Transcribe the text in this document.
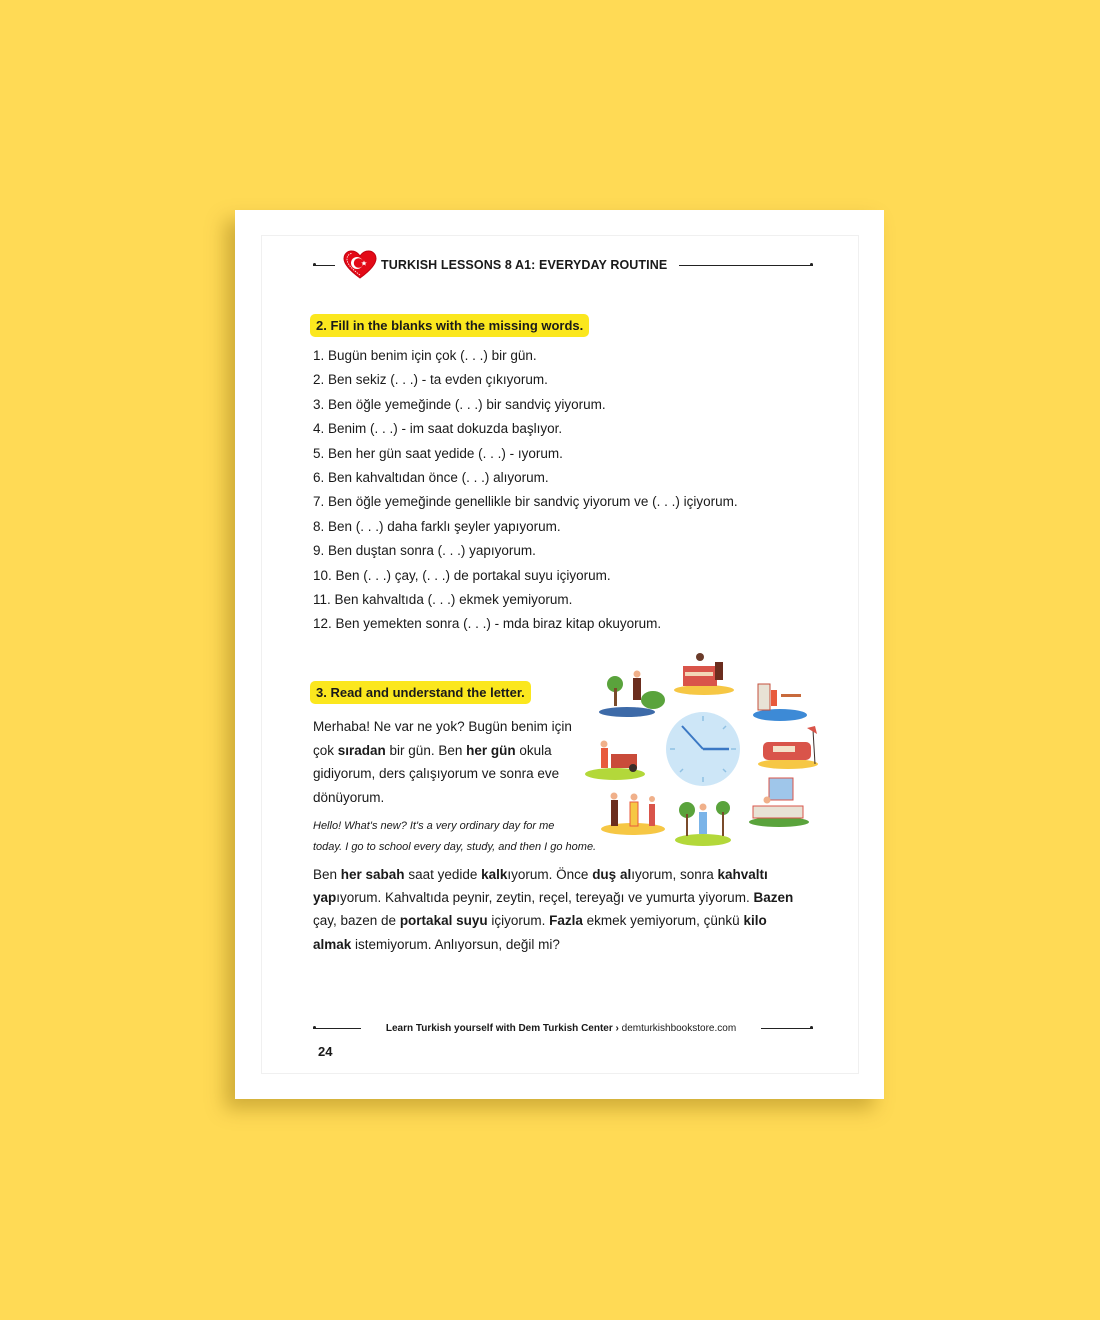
TURKISH LESSONS 8 A1: EVERYDAY ROUTINE
2. Fill in the blanks with the missing words.
1. Bugün benim için çok (. . .) bir gün.
2. Ben sekiz (. . .) - ta evden çıkıyorum.
3. Ben öğle yemeğinde (. . .) bir sandviç yiyorum.
4. Benim (. . .) - im saat dokuzda başlıyor.
5. Ben her gün saat yedide (. . .) - ıyorum.
6. Ben kahvaltıdan önce (. . .) alıyorum.
7. Ben öğle yemeğinde genellikle bir sandviç yiyorum ve (. . .) içiyorum.
8. Ben (. . .) daha farklı şeyler yapıyorum.
9. Ben duştan sonra (. . .) yapıyorum.
10. Ben (. . .) çay, (. . .) de portakal suyu içiyorum.
11. Ben kahvaltıda (. . .) ekmek yemiyorum.
12. Ben yemekten sonra (. . .) - mda biraz kitap okuyorum.
3. Read and understand the letter.

Merhaba! Ne var ne yok? Bugün benim için çok sıradan bir gün. Ben her gün okula gidiyorum, ders çalışıyorum ve sonra eve dönüyorum.

Hello! What's new? It's a very ordinary day for me
today. I go to school every day, study, and then I go home.

Ben her sabah saat yedide kalkıyorum. Önce duş alıyorum, sonra kahvaltı yapıyorum. Kahvaltıda peynir, zeytin, reçel, tereyağı ve yumurta yiyorum. Bazen çay, bazen de portakal suyu içiyorum. Fazla ekmek yemiyorum, çünkü kilo almak istemiyorum. Anlıyorsun, değil mi?

Learn Turkish yourself with Dem Turkish Center › demturkishbookstore.com
24
